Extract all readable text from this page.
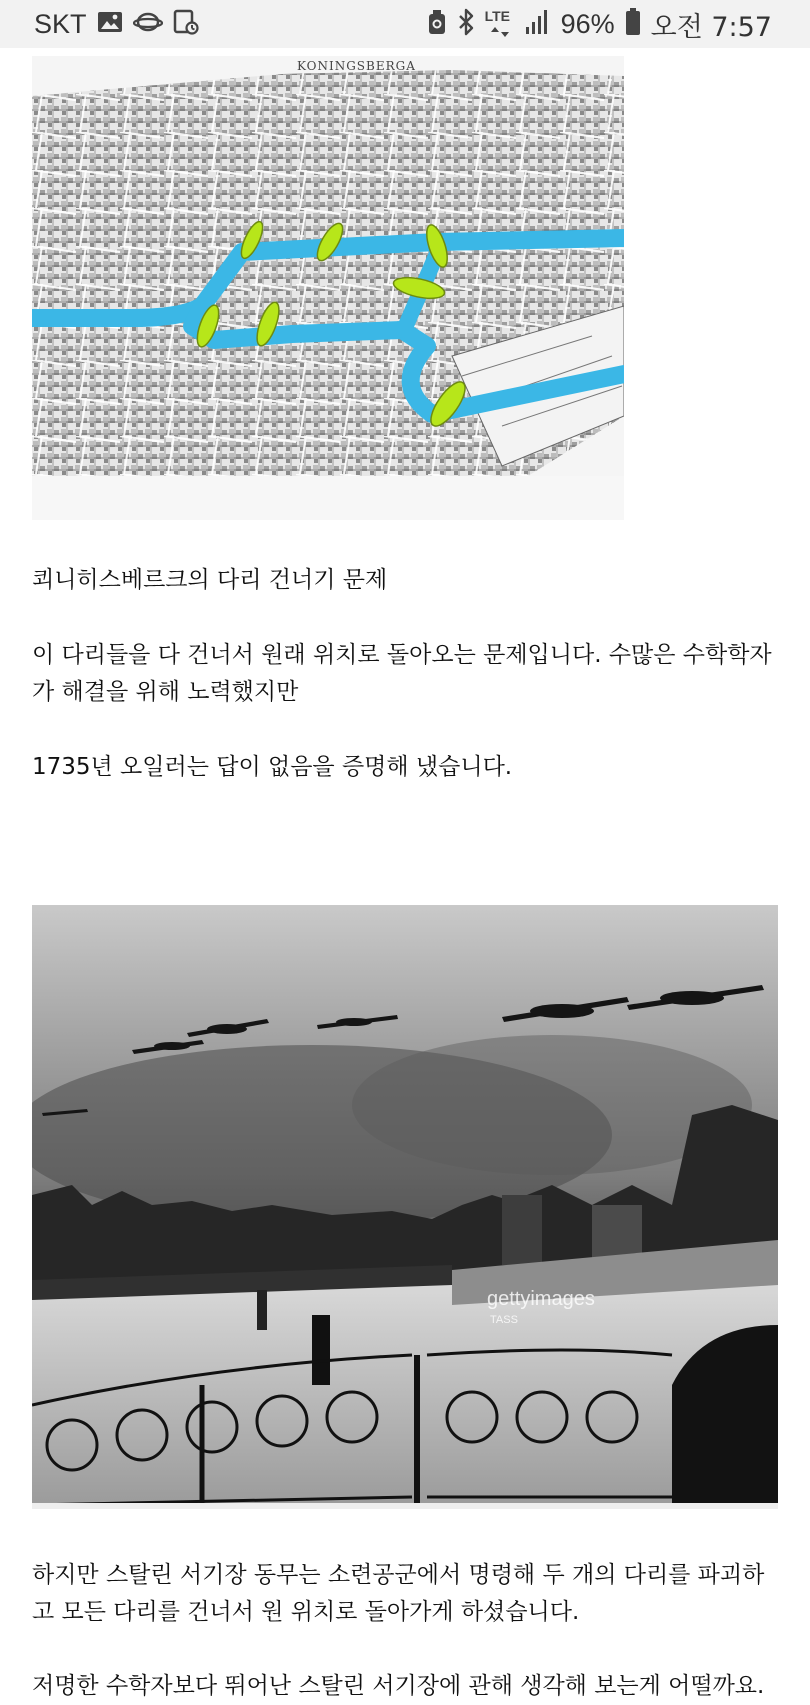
SKT	LTE 96% 오전 7:57
KONINGSBERGA

쾨니히스베르크의 다리 건너기 문제

이 다리들을 다 건너서 원래 위치로 돌아오는 문제입니다. 수많은 수학학자가 해결을 위해 노력했지만

1735년 오일러는 답이 없음을 증명해 냈습니다.

gettyimages
TASS

하지만 스탈린 서기장 동무는 소련공군에서 명령해 두 개의 다리를 파괴하고 모든 다리를 건너서 원 위치로 돌아가게 하셨습니다.

저명한 수학자보다 뛰어난 스탈린 서기장에 관해 생각해 보는게 어떨까요.
